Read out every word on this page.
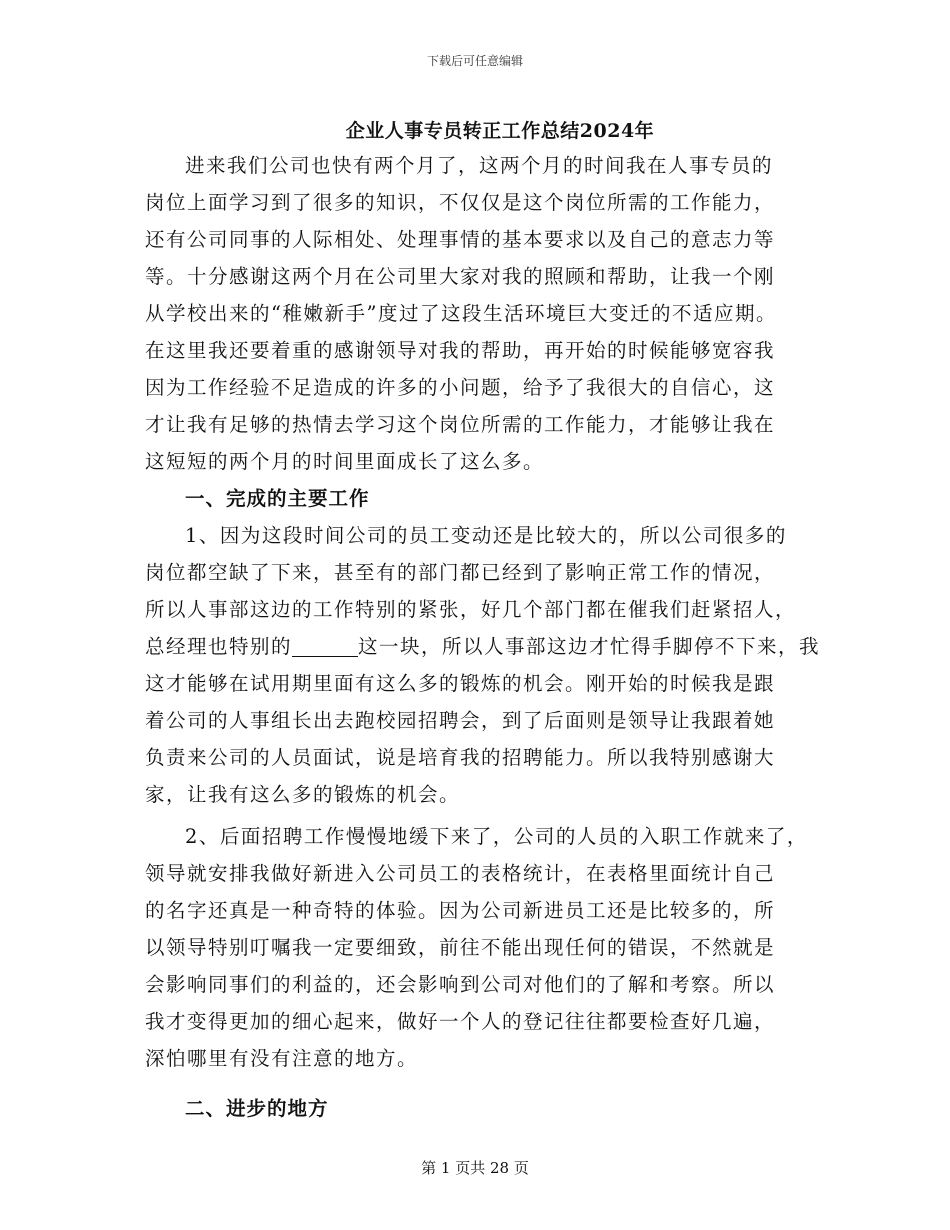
下载后可任意编辑
企业人事专员转正工作总结2024年
进来我们公司也快有两个月了，这两个月的时间我在人事专员的
岗位上面学习到了很多的知识，不仅仅是这个岗位所需的工作能力，
还有公司同事的人际相处、处理事情的基本要求以及自己的意志力等
等。十分感谢这两个月在公司里大家对我的照顾和帮助，让我一个刚
从学校出来的“稚嫩新手”度过了这段生活环境巨大变迁的不适应期。
在这里我还要着重的感谢领导对我的帮助，再开始的时候能够宽容我
因为工作经验不足造成的许多的小问题，给予了我很大的自信心，这
才让我有足够的热情去学习这个岗位所需的工作能力，才能够让我在
这短短的两个月的时间里面成长了这么多。
一、完成的主要工作
1、因为这段时间公司的员工变动还是比较大的，所以公司很多的
岗位都空缺了下来，甚至有的部门都已经到了影响正常工作的情况，
所以人事部这边的工作特别的紧张，好几个部门都在催我们赶紧招人，
总经理也特别的	这一块，所以人事部这边才忙得手脚停不下来，我
这才能够在试用期里面有这么多的锻炼的机会。刚开始的时候我是跟
着公司的人事组长出去跑校园招聘会，到了后面则是领导让我跟着她
负责来公司的人员面试，说是培育我的招聘能力。所以我特别感谢大
家，让我有这么多的锻炼的机会。
2、后面招聘工作慢慢地缓下来了，公司的人员的入职工作就来了，
领导就安排我做好新进入公司员工的表格统计，在表格里面统计自己
的名字还真是一种奇特的体验。因为公司新进员工还是比较多的，所
以领导特别叮嘱我一定要细致，前往不能出现任何的错误，不然就是
会影响同事们的利益的，还会影响到公司对他们的了解和考察。所以
我才变得更加的细心起来，做好一个人的登记往往都要检查好几遍，
深怕哪里有没有注意的地方。
二、进步的地方
第 1 页共 28 页
